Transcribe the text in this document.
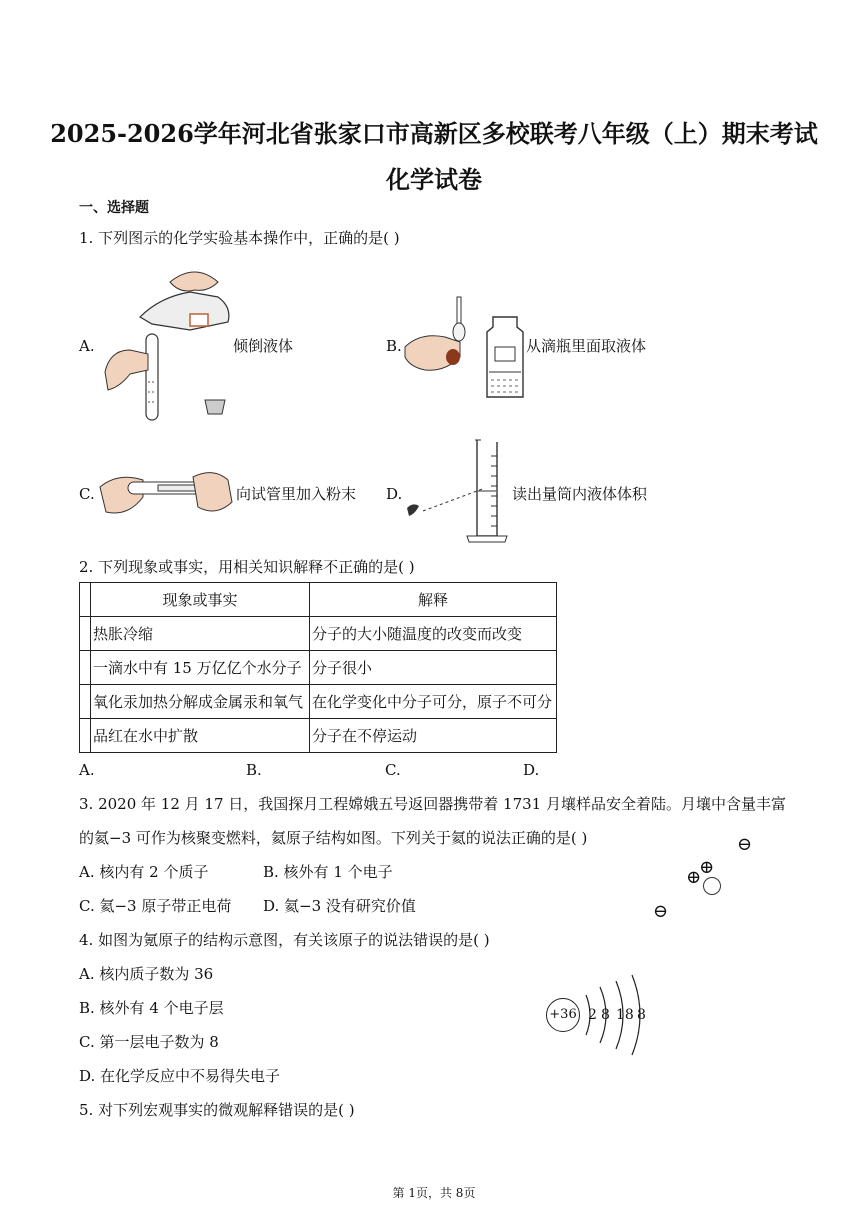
2025-2026学年河北省张家口市高新区多校联考八年级（上）期末考试
化学试卷
一、选择题
1. 下列图示的化学实验基本操作中，正确的是( )
A.	倾倒液体	B.	从滴瓶里面取液体
C.	向试管里加入粉末 D.	读出量筒内液体体积
2. 下列现象或事实，用相关知识解释不正确的是( )
	现象或事实	解释
	热胀冷缩	分子的大小随温度的改变而改变
	一滴水中有 15 万亿亿个水分子	分子很小
	氧化汞加热分解成金属汞和氧气	在化学变化中分子可分，原子不可分
	品红在水中扩散	分子在不停运动
A.	B.	C.	D.
3. 2020 年 12 月 17 日，我国探月工程嫦娥五号返回器携带着 1731 月壤样品安全着陆。月壤中含量丰富
的氦−3 可作为核聚变燃料，氦原子结构如图。下列关于氦的说法正确的是( )
A. 核内有 2 个质子	B. 核外有 1 个电子
C. 氦−3 原子带正电荷 D. 氦−3 没有研究价值
⊖
⊕
⊕
⊖
4. 如图为氪原子的结构示意图，有关该原子的说法错误的是( )
A. 核内质子数为 36
B. 核外有 4 个电子层
C. 第一层电子数为 8
D. 在化学反应中不易得失电子
+36 2 8 18 8
5. 对下列宏观事实的微观解释错误的是( )
第 1页，共 8页
